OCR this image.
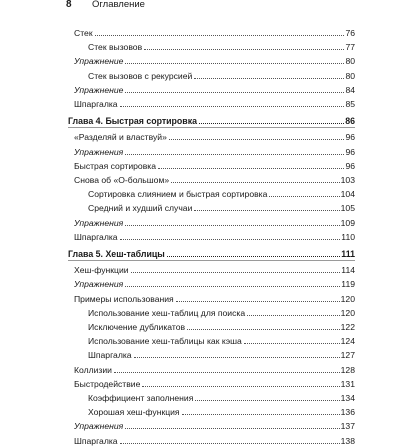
8	Оглавление
Стек	76
Стек вызовов	77
Упражнение	80
Стек вызовов с рекурсией	80
Упражнение	84
Шпаргалка	85
Глава 4. Быстрая сортировка	86
«Разделяй и властвуй»	96
Упражнения	96
Быстрая сортировка	96
Снова об «О-большом»	103
Сортировка слиянием и быстрая сортировка	104
Средний и худший случаи	105
Упражнения	109
Шпаргалка	110
Глава 5. Хеш-таблицы	111
Хеш-функции	114
Упражнения	119
Примеры использования	120
Использование хеш-таблиц для поиска	120
Исключение дубликатов	122
Использование хеш-таблицы как кэша	124
Шпаргалка	127
Коллизии	128
Быстродействие	131
Коэффициент заполнения	134
Хорошая хеш-функция	136
Упражнения	137
Шпаргалка	138
